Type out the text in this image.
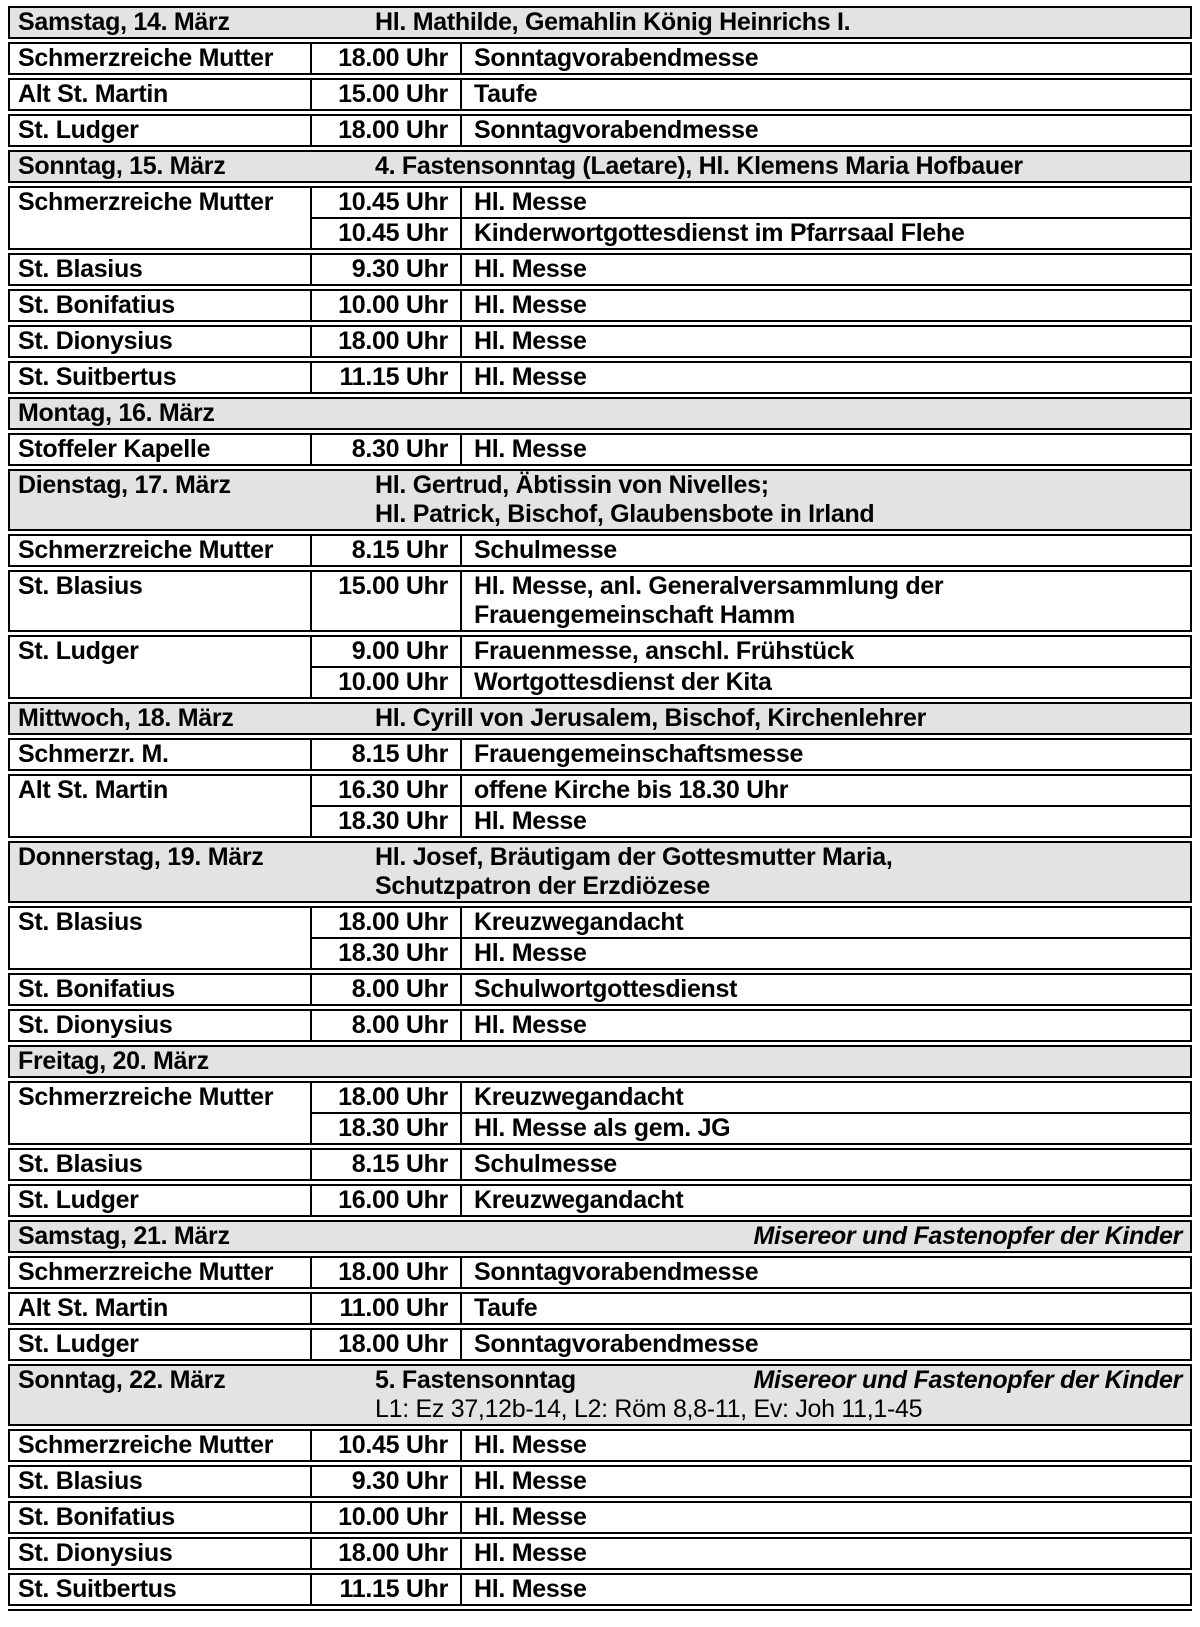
Samstag, 14. März	Hl. Mathilde, Gemahlin König Heinrichs I.
Schmerzreiche Mutter	18.00 Uhr	Sonntagvorabendmesse
Alt St. Martin	15.00 Uhr	Taufe
St. Ludger	18.00 Uhr	Sonntagvorabendmesse
Sonntag, 15. März	4. Fastensonntag (Laetare), Hl. Klemens Maria Hofbauer
Schmerzreiche Mutter	10.45 Uhr	Hl. Messe
10.45 Uhr	Kinderwortgottesdienst im Pfarrsaal Flehe
St. Blasius	9.30 Uhr	Hl. Messe
St. Bonifatius	10.00 Uhr	Hl. Messe
St. Dionysius	18.00 Uhr	Hl. Messe
St. Suitbertus	11.15 Uhr	Hl. Messe
Montag, 16. März
Stoffeler Kapelle	8.30 Uhr	Hl. Messe
Dienstag, 17. März	Hl. Gertrud, Äbtissin von Nivelles;
Hl. Patrick, Bischof, Glaubensbote in Irland
Schmerzreiche Mutter	8.15 Uhr	Schulmesse
St. Blasius	15.00 Uhr	Hl. Messe, anl. Generalversammlung der
Frauengemeinschaft Hamm
St. Ludger	9.00 Uhr	Frauenmesse, anschl. Frühstück
10.00 Uhr	Wortgottesdienst der Kita
Mittwoch, 18. März	Hl. Cyrill von Jerusalem, Bischof, Kirchenlehrer
Schmerzr. M.	8.15 Uhr	Frauengemeinschaftsmesse
Alt St. Martin	16.30 Uhr	offene Kirche bis 18.30 Uhr
18.30 Uhr	Hl. Messe
Donnerstag, 19. März	Hl. Josef, Bräutigam der Gottesmutter Maria,
Schutzpatron der Erzdiözese
St. Blasius	18.00 Uhr	Kreuzwegandacht
18.30 Uhr	Hl. Messe
St. Bonifatius	8.00 Uhr	Schulwortgottesdienst
St. Dionysius	8.00 Uhr	Hl. Messe
Freitag, 20. März
Schmerzreiche Mutter	18.00 Uhr	Kreuzwegandacht
18.30 Uhr	Hl. Messe als gem. JG
St. Blasius	8.15 Uhr	Schulmesse
St. Ludger	16.00 Uhr	Kreuzwegandacht
Samstag, 21. März	Misereor und Fastenopfer der Kinder
Schmerzreiche Mutter	18.00 Uhr	Sonntagvorabendmesse
Alt St. Martin	11.00 Uhr	Taufe
St. Ludger	18.00 Uhr	Sonntagvorabendmesse
Sonntag, 22. März	5. Fastensonntag	Misereor und Fastenopfer der Kinder
L1: Ez 37,12b-14, L2: Röm 8,8-11, Ev: Joh 11,1-45
Schmerzreiche Mutter	10.45 Uhr	Hl. Messe
St. Blasius	9.30 Uhr	Hl. Messe
St. Bonifatius	10.00 Uhr	Hl. Messe
St. Dionysius	18.00 Uhr	Hl. Messe
St. Suitbertus	11.15 Uhr	Hl. Messe
